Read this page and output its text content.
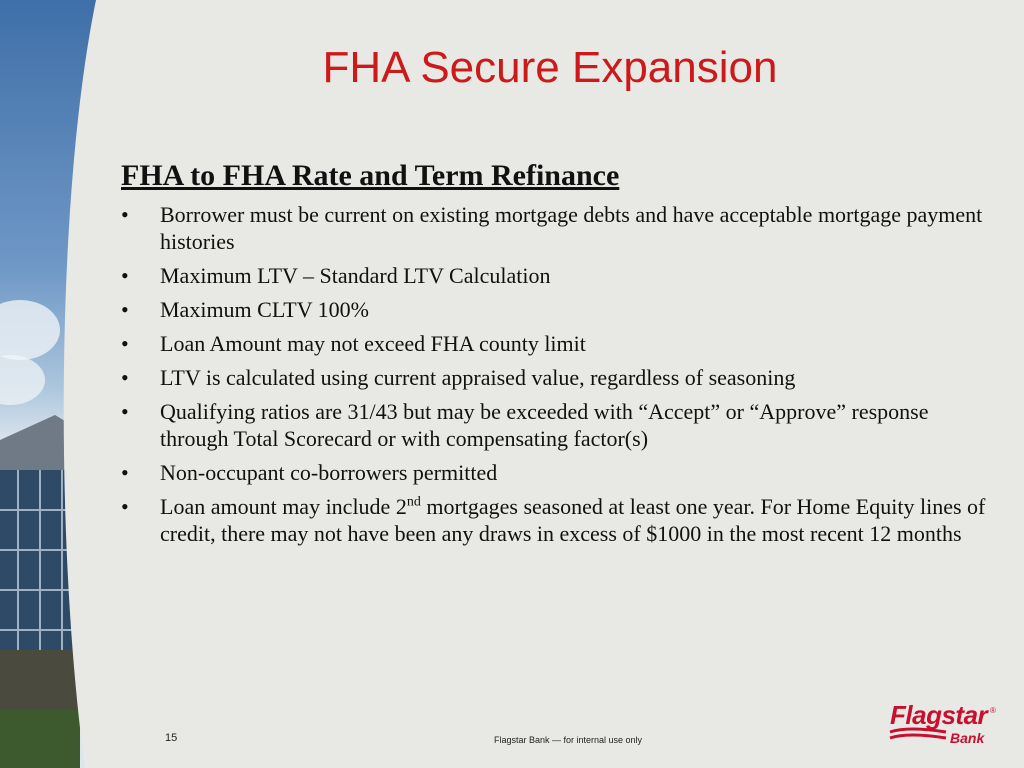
FHA Secure Expansion
FHA to FHA Rate and Term Refinance
• Borrower must be current on existing mortgage debts and have acceptable mortgage payment histories
• Maximum LTV – Standard LTV Calculation
• Maximum CLTV 100%
• Loan Amount may not exceed FHA county limit
• LTV is calculated using current appraised value, regardless of seasoning
• Qualifying ratios are 31/43 but may be exceeded with “Accept” or “Approve” response through Total Scorecard or with compensating factor(s)
• Non-occupant co-borrowers permitted
• Loan amount may include 2nd mortgages seasoned at least one year. For Home Equity lines of credit, there may not have been any draws in excess of $1000 in the most recent 12 months
15	Flagstar Bank — for internal use only
Flagstar ®
Bank
